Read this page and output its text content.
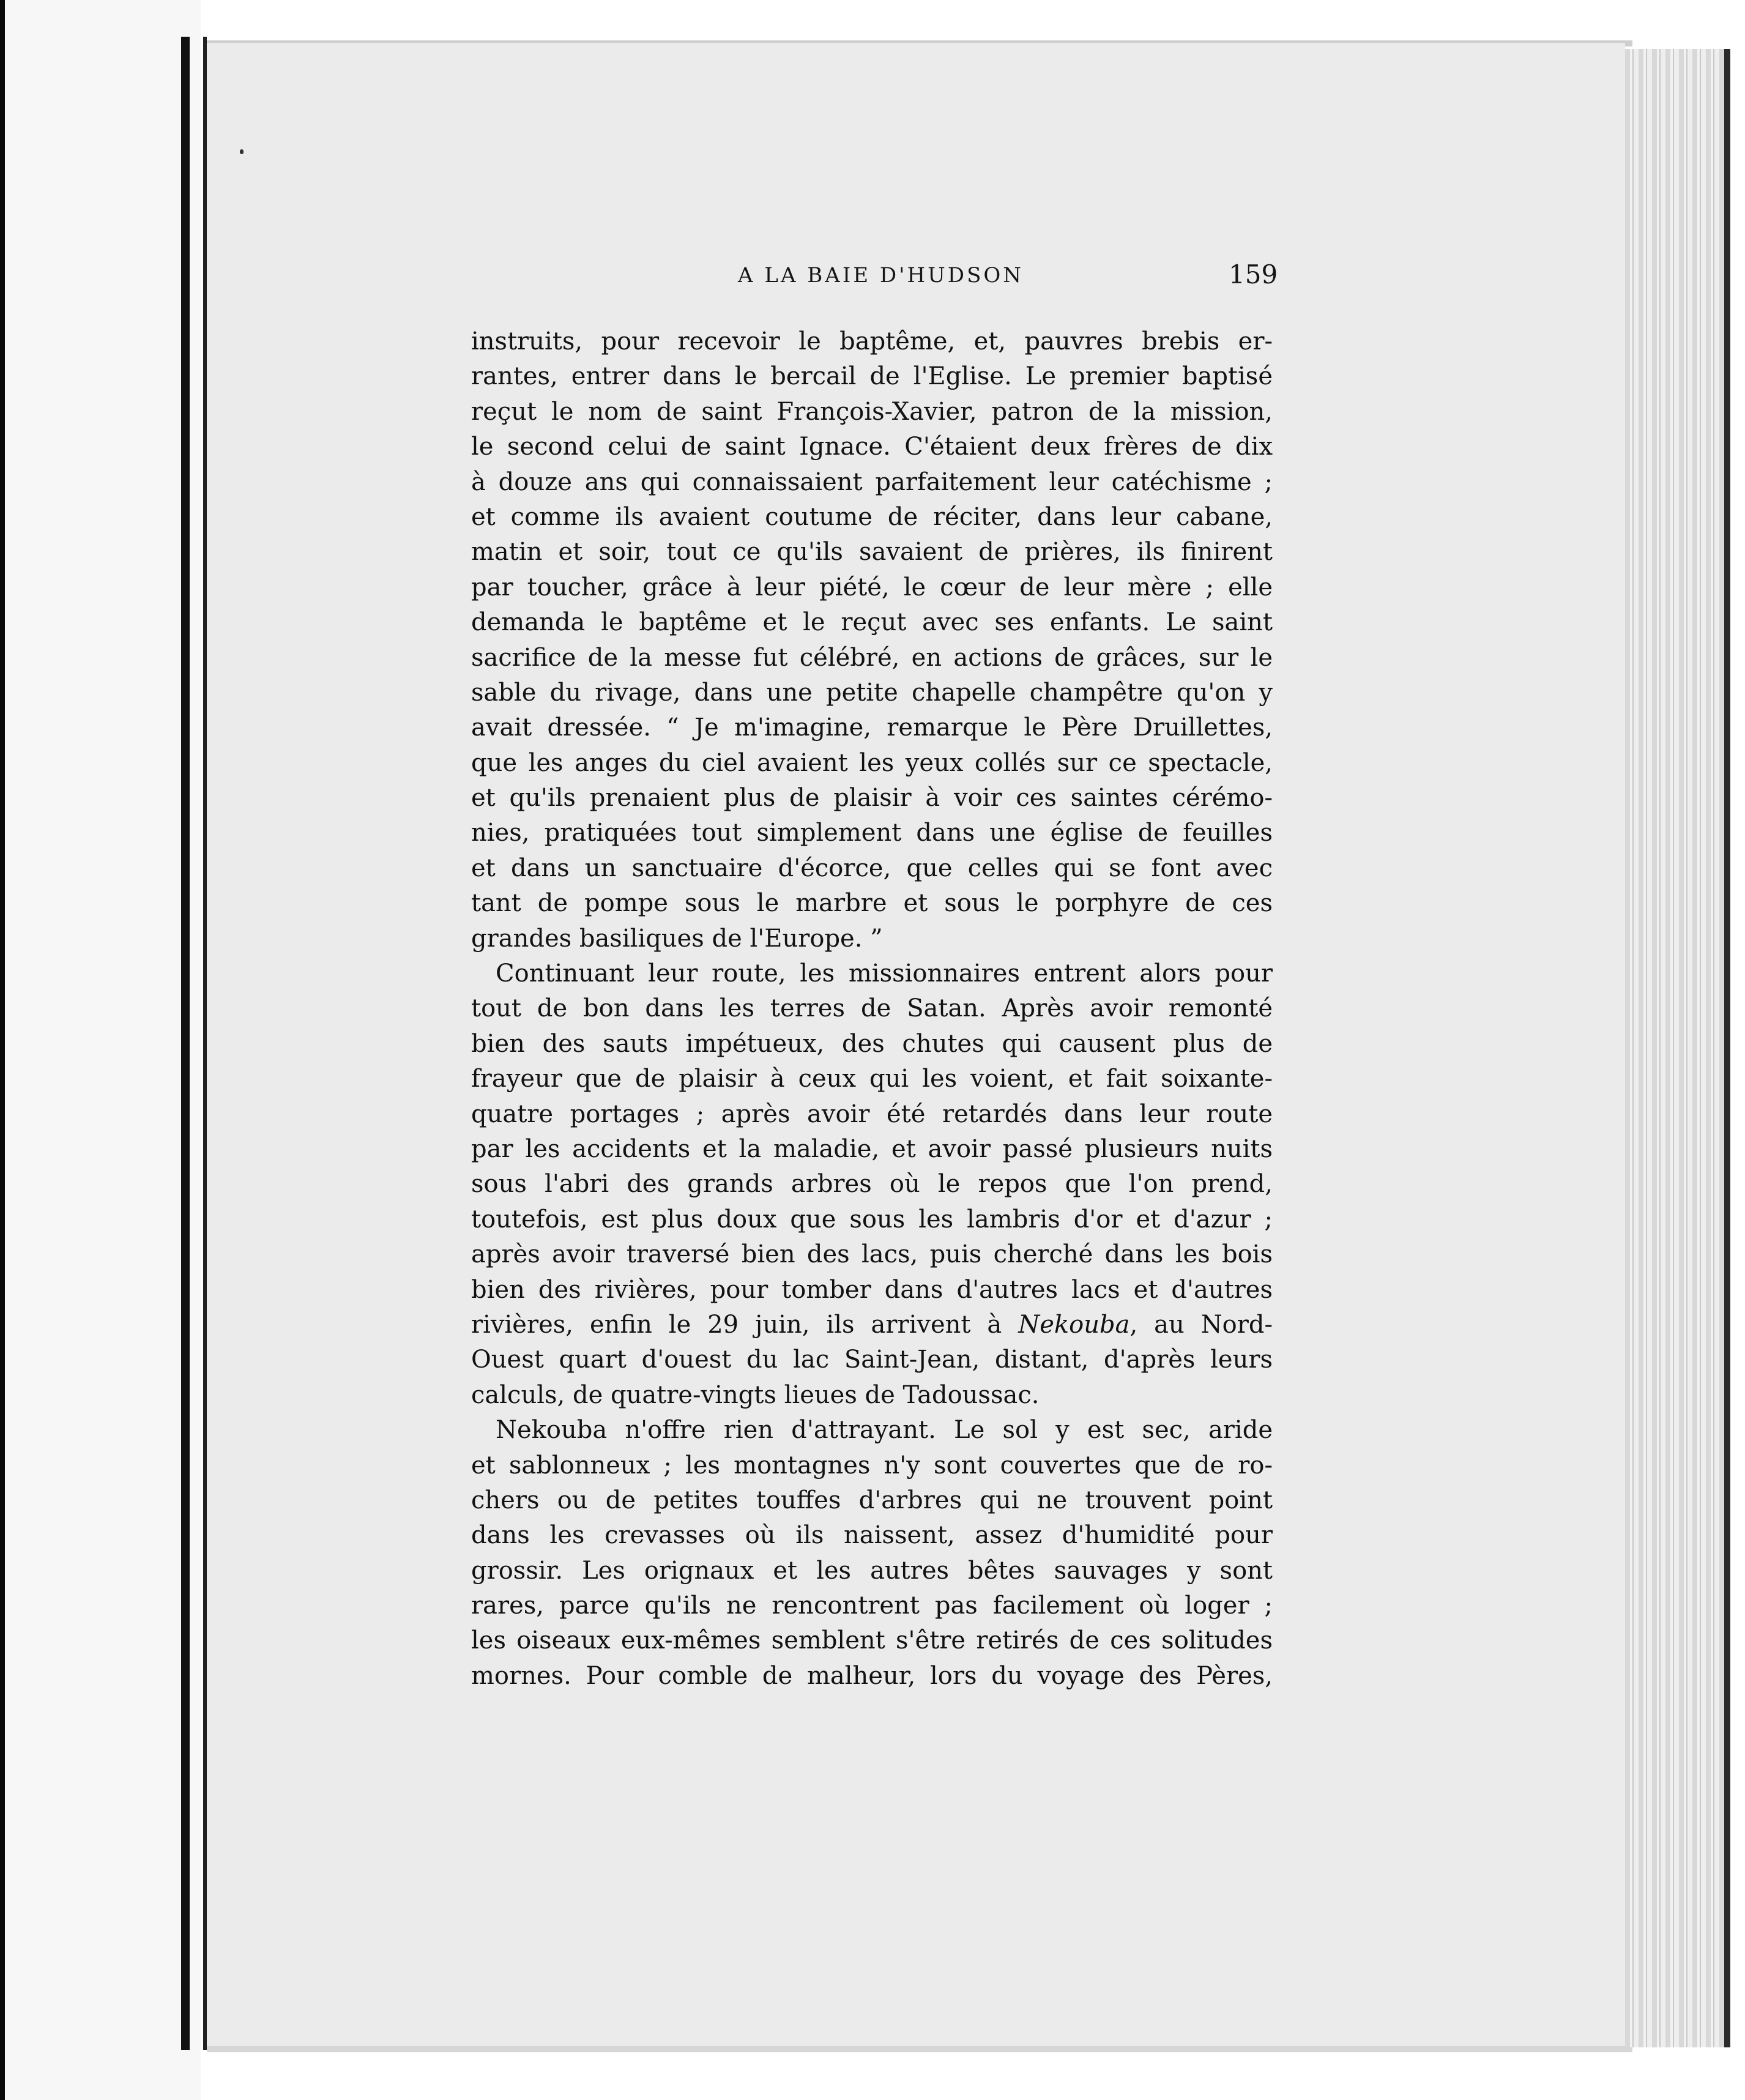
A LA BAIE D'HUDSON	159
instruits, pour recevoir le baptême, et, pauvres brebis er-
rantes, entrer dans le bercail de l'Eglise. Le premier baptisé
reçut le nom de saint François-Xavier, patron de la mission,
le second celui de saint Ignace. C'étaient deux frères de dix
à douze ans qui connaissaient parfaitement leur catéchisme ;
et comme ils avaient coutume de réciter, dans leur cabane,
matin et soir, tout ce qu'ils savaient de prières, ils finirent
par toucher, grâce à leur piété, le cœur de leur mère ; elle
demanda le baptême et le reçut avec ses enfants. Le saint
sacrifice de la messe fut célébré, en actions de grâces, sur le
sable du rivage, dans une petite chapelle champêtre qu'on y
avait dressée. “ Je m'imagine, remarque le Père Druillettes,
que les anges du ciel avaient les yeux collés sur ce spectacle,
et qu'ils prenaient plus de plaisir à voir ces saintes cérémo-
nies, pratiquées tout simplement dans une église de feuilles
et dans un sanctuaire d'écorce, que celles qui se font avec
tant de pompe sous le marbre et sous le porphyre de ces
grandes basiliques de l'Europe. ”
Continuant leur route, les missionnaires entrent alors pour
tout de bon dans les terres de Satan. Après avoir remonté
bien des sauts impétueux, des chutes qui causent plus de
frayeur que de plaisir à ceux qui les voient, et fait soixante-
quatre portages ; après avoir été retardés dans leur route
par les accidents et la maladie, et avoir passé plusieurs nuits
sous l'abri des grands arbres où le repos que l'on prend,
toutefois, est plus doux que sous les lambris d'or et d'azur ;
après avoir traversé bien des lacs, puis cherché dans les bois
bien des rivières, pour tomber dans d'autres lacs et d'autres
rivières, enfin le 29 juin, ils arrivent à Nekouba, au Nord-
Ouest quart d'ouest du lac Saint-Jean, distant, d'après leurs
calculs, de quatre-vingts lieues de Tadoussac.
Nekouba n'offre rien d'attrayant. Le sol y est sec, aride
et sablonneux ; les montagnes n'y sont couvertes que de ro-
chers ou de petites touffes d'arbres qui ne trouvent point
dans les crevasses où ils naissent, assez d'humidité pour
grossir. Les orignaux et les autres bêtes sauvages y sont
rares, parce qu'ils ne rencontrent pas facilement où loger ;
les oiseaux eux-mêmes semblent s'être retirés de ces solitudes
mornes. Pour comble de malheur, lors du voyage des Pères,
